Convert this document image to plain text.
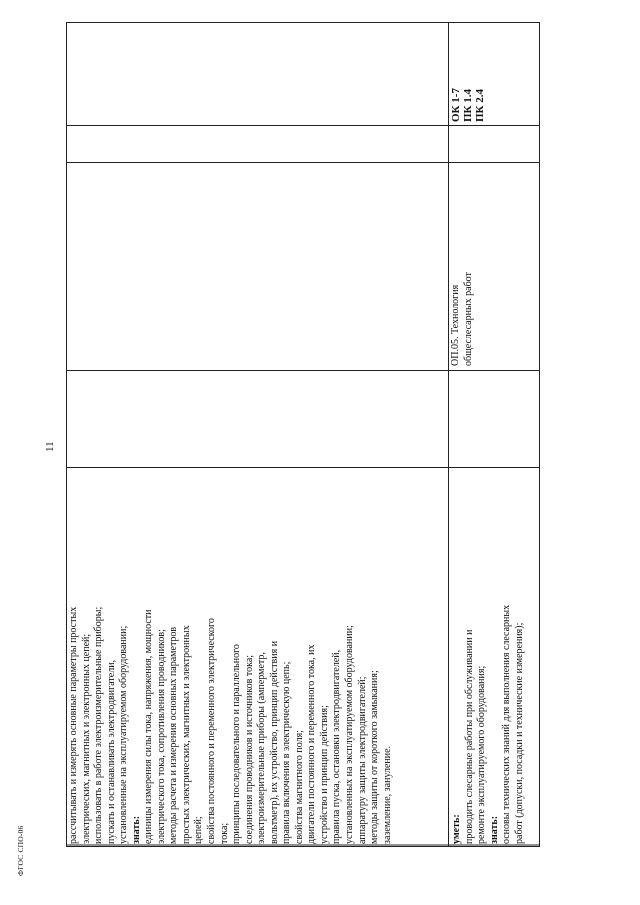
11
ФГОС СПО-06
рассчитывать и измерять основные параметры простых электрических, магнитных и электронных цепей; использовать в работе электроизмерительные приборы; пускать и останавливать электродвигатели, установленные на эксплуатируемом оборудовании; знать: единицы измерения силы тока, напряжения, мощности электрического тока, сопротивления проводников; методы расчета и измерения основных параметров простых электрических, магнитных и электронных цепей; свойства постоянного и переменного электрического тока; принципы последовательного и параллельного соединения проводников и источников тока; электроизмерительные приборы (амперметр, вольтметр), их устройство, принцип действия и правила включения в электрическую цепь; свойства магнитного поля; двигатели постоянного и переменного тока, их устройство и принцип действия; правила пуска, остановки электродвигателей, установленных на эксплуатируемом оборудовании; аппаратуру защиты электродвигателей; методы защиты от короткого замыкания; заземление, зануление.	уметь: проводить слесарные работы при обслуживании и ремонте эксплуатируемого оборудования; знать: основы технических знаний для выполнения слесарных работ (допуски, посадки и технические измерения);
ОП.05. Технология общеслесарных работ
ОК 1-7 ПК 1.4 ПК 2.4
